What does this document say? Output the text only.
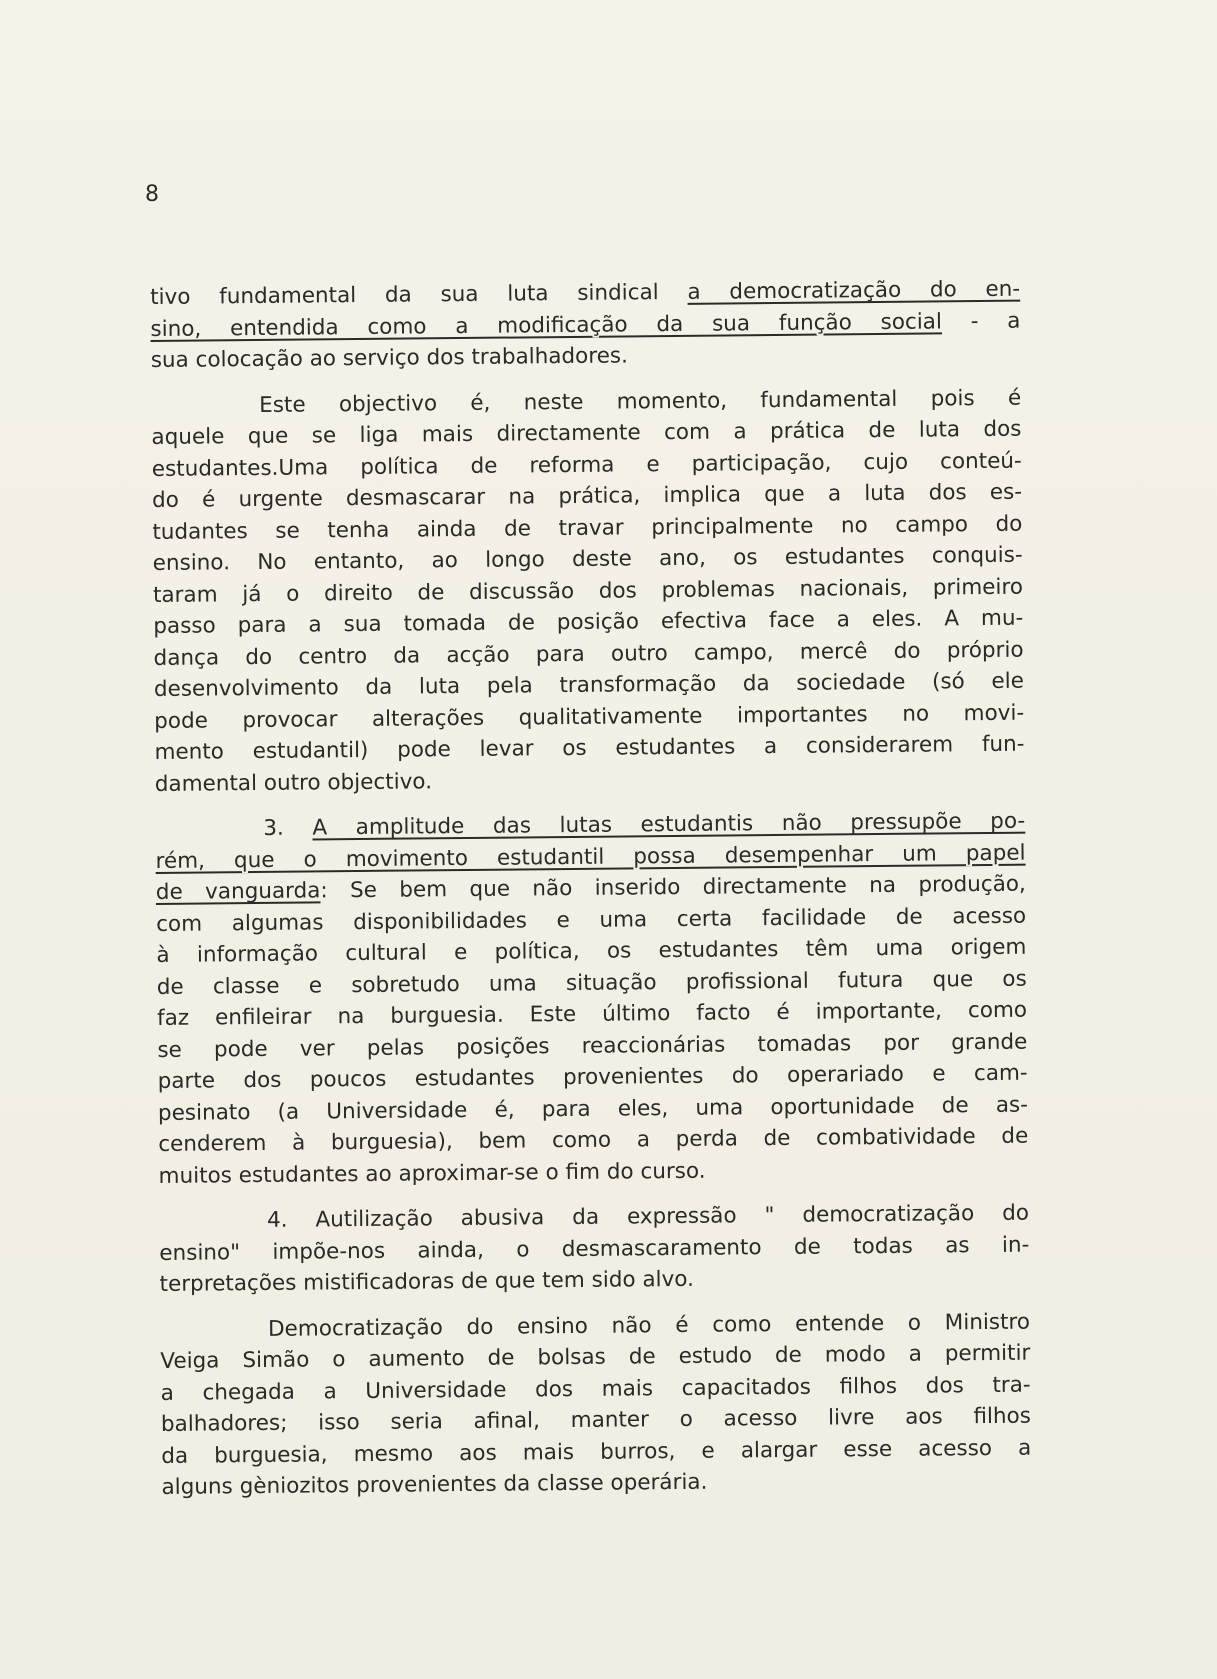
8
tivo fundamental da sua luta sindical a democratização do en-
sino, entendida como a modificação da sua função social - a
sua colocação ao serviço dos trabalhadores.
Este objectivo é, neste momento, fundamental pois é
aquele que se liga mais directamente com a prática de luta dos
estudantes.Uma política de reforma e participação, cujo conteú-
do é urgente desmascarar na prática, implica que a luta dos es-
tudantes se tenha ainda de travar principalmente no campo do
ensino. No entanto, ao longo deste ano, os estudantes conquis-
taram já o direito de discussão dos problemas nacionais, primeiro
passo para a sua tomada de posição efectiva face a eles. A mu-
dança do centro da acção para outro campo, mercê do próprio
desenvolvimento da luta pela transformação da sociedade (só ele
pode provocar alterações qualitativamente importantes no movi-
mento estudantil) pode levar os estudantes a considerarem fun-
damental outro objectivo.
3. A amplitude das lutas estudantis não pressupõe po-
rém, que o movimento estudantil possa desempenhar um papel
de vanguarda: Se bem que não inserido directamente na produção,
com algumas disponibilidades e uma certa facilidade de acesso
à informação cultural e política, os estudantes têm uma origem
de classe e sobretudo uma situação profissional futura que os
faz enfileirar na burguesia. Este último facto é importante, como
se pode ver pelas posições reaccionárias tomadas por grande
parte dos poucos estudantes provenientes do operariado e cam-
pesinato (a Universidade é, para eles, uma oportunidade de as-
cenderem à burguesia), bem como a perda de combatividade de
muitos estudantes ao aproximar-se o fim do curso.
4. Autilização abusiva da expressão " democratização do
ensino" impõe-nos ainda, o desmascaramento de todas as in-
terpretações mistificadoras de que tem sido alvo.
Democratização do ensino não é como entende o Ministro
Veiga Simão o aumento de bolsas de estudo de modo a permitir
a chegada a Universidade dos mais capacitados filhos dos tra-
balhadores; isso seria afinal, manter o acesso livre aos filhos
da burguesia, mesmo aos mais burros, e alargar esse acesso a
alguns gèniozitos provenientes da classe operária.
